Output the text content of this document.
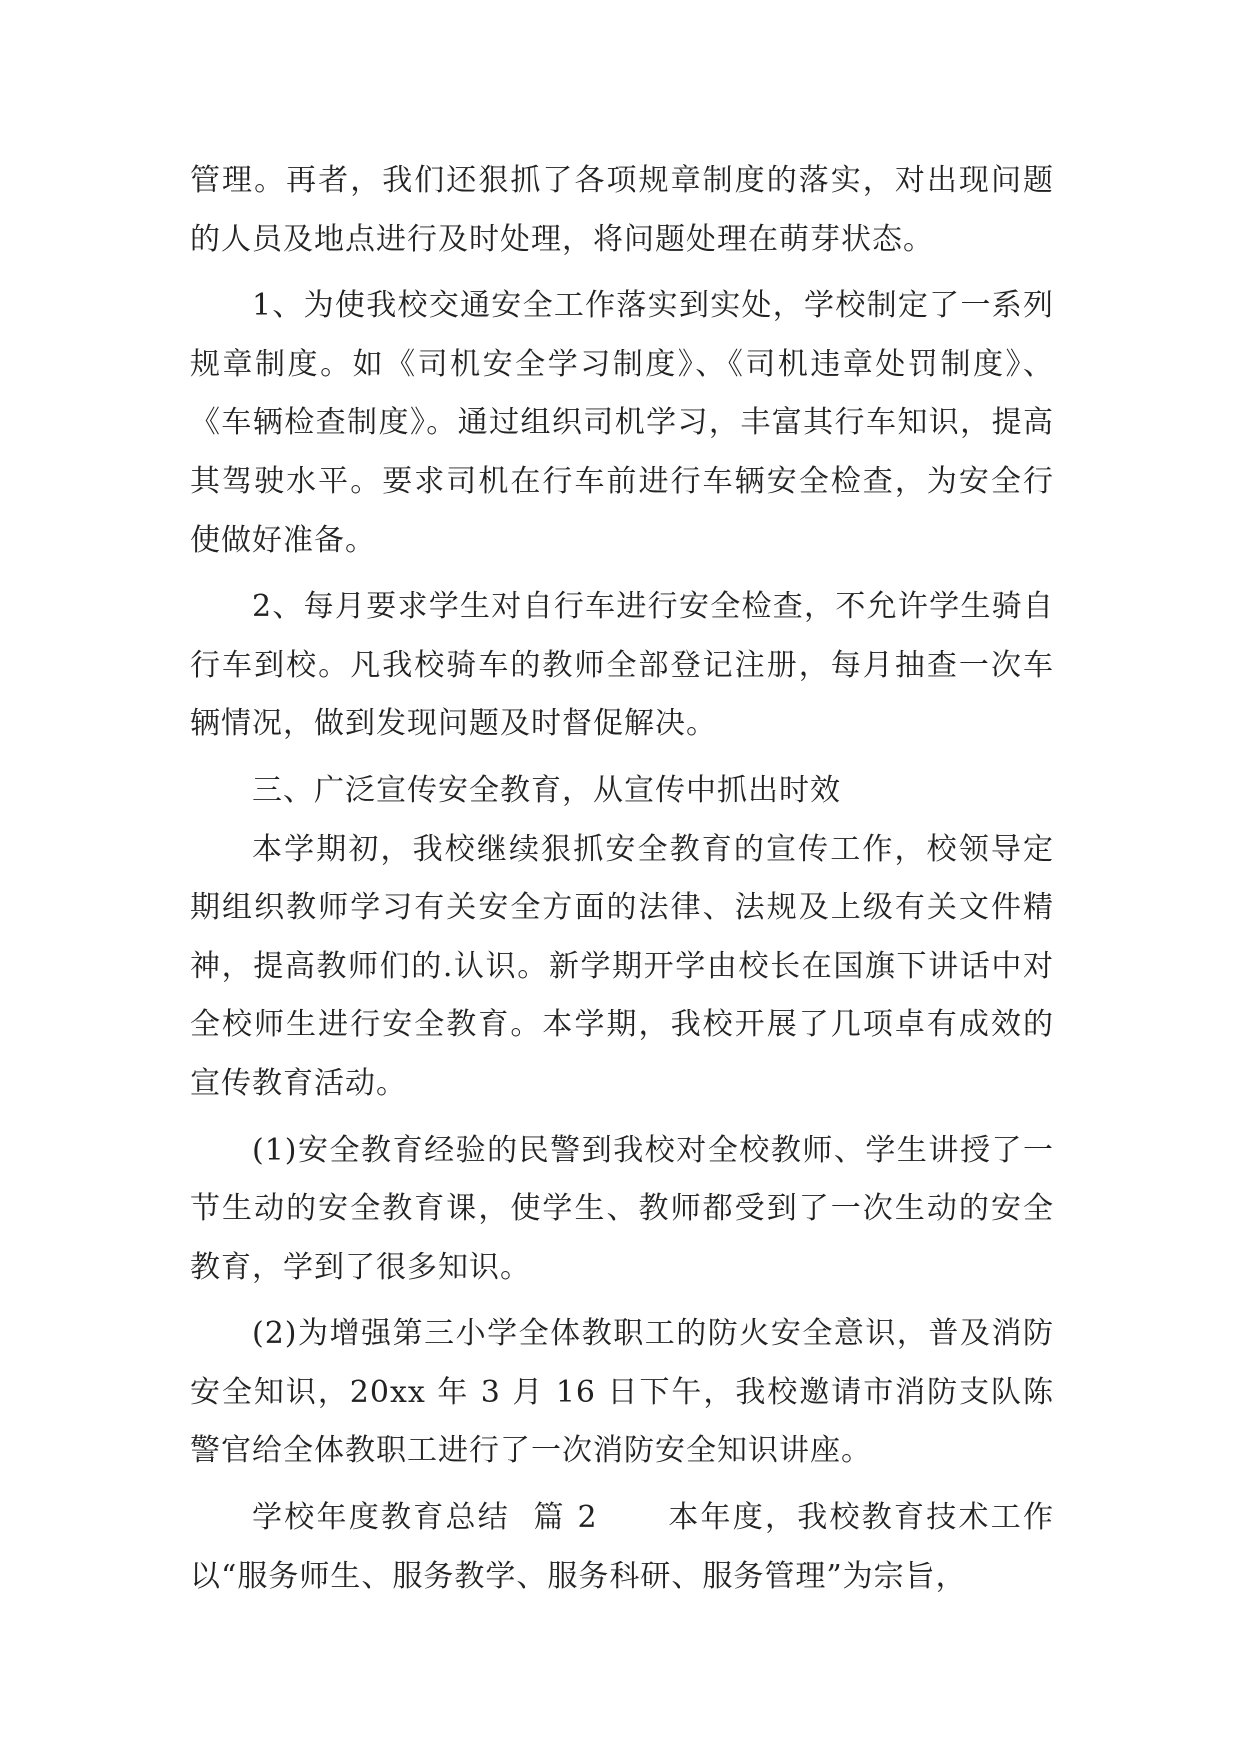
管理。再者，我们还狠抓了各项规章制度的落实，对出现问题的人员及地点进行及时处理，将问题处理在萌芽状态。

1、为使我校交通安全工作落实到实处，学校制定了一系列规章制度。如《司机安全学习制度》、《司机违章处罚制度》、《车辆检查制度》。通过组织司机学习，丰富其行车知识，提高其驾驶水平。要求司机在行车前进行车辆安全检查，为安全行使做好准备。

2、每月要求学生对自行车进行安全检查，不允许学生骑自行车到校。凡我校骑车的教师全部登记注册，每月抽查一次车辆情况，做到发现问题及时督促解决。

三、广泛宣传安全教育，从宣传中抓出时效

本学期初，我校继续狠抓安全教育的宣传工作，校领导定期组织教师学习有关安全方面的法律、法规及上级有关文件精神，提高教师们的.认识。新学期开学由校长在国旗下讲话中对全校师生进行安全教育。本学期，我校开展了几项卓有成效的宣传教育活动。

(1)安全教育经验的民警到我校对全校教师、学生讲授了一节生动的安全教育课，使学生、教师都受到了一次生动的安全教育，学到了很多知识。

(2)为增强第三小学全体教职工的防火安全意识，普及消防安全知识，20xx 年 3 月 16 日下午，我校邀请市消防支队陈警官给全体教职工进行了一次消防安全知识讲座。

学校年度教育总结  篇 2      本年度，我校教育技术工作以“服务师生、服务教学、服务科研、服务管理”为宗旨，
